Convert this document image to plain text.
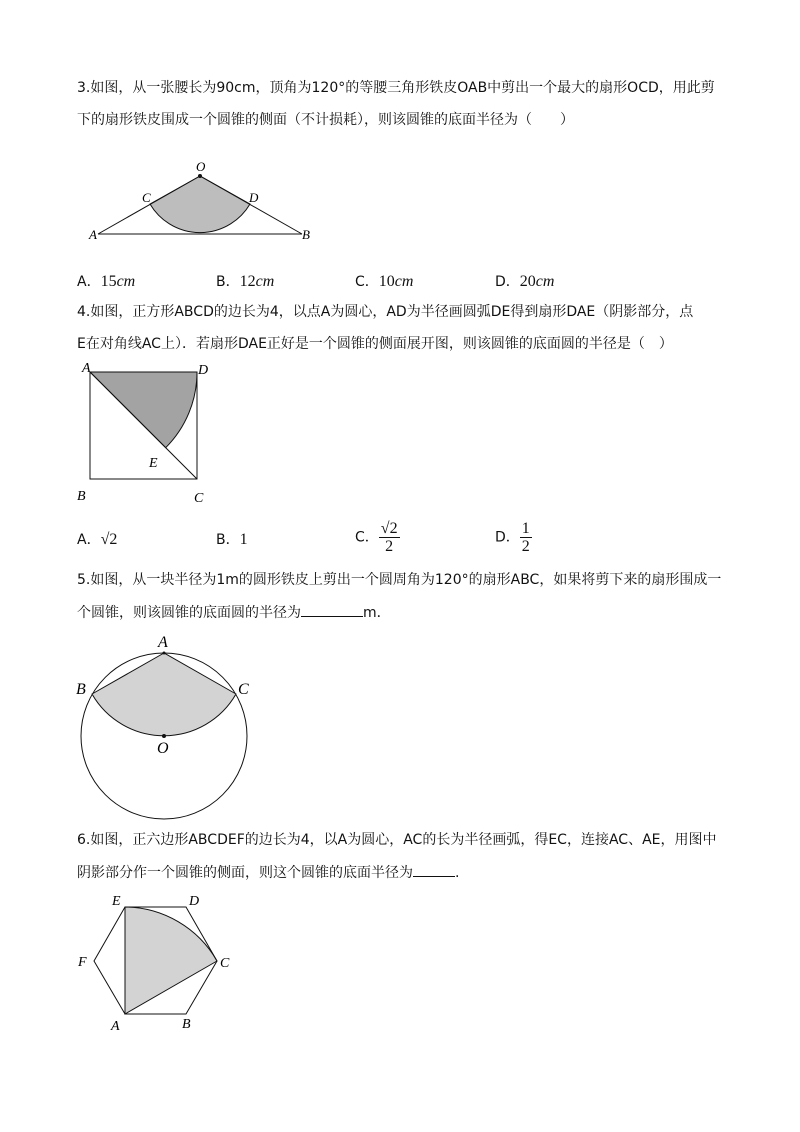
3.如图，从一张腰长为90cm，顶角为120°的等腰三角形铁皮OAB中剪出一个最大的扇形OCD，用此剪
下的扇形铁皮围成一个圆锥的侧面（不计损耗），则该圆锥的底面半径为（　　）
O
C	D
A	B
A．15cm	B．12cm	C．10cm	D．20cm
4.如图，正方形ABCD的边长为4，以点A为圆心，AD为半径画圆弧DE得到扇形DAE（阴影部分，点
E在对角线AC上）．若扇形DAE正好是一个圆锥的侧面展开图，则该圆锥的底面圆的半径是（　）
A	D
E
B	C
A．√2	B．1	C． $\frac{√2}{2}$	D． $\frac{1}{2}$
5.如图，从一块半径为1m的圆形铁皮上剪出一个圆周角为120°的扇形ABC，如果将剪下来的扇形围成一
个圆锥，则该圆锥的底面圆的半径为	m．
A
B	C
O
6.如图，正六边形ABCDEF的边长为4，以A为圆心，AC的长为半径画弧，得EC，连接AC、AE，用图中
阴影部分作一个圆锥的侧面，则这个圆锥的底面半径为	.
E	D
F	C
A	B
